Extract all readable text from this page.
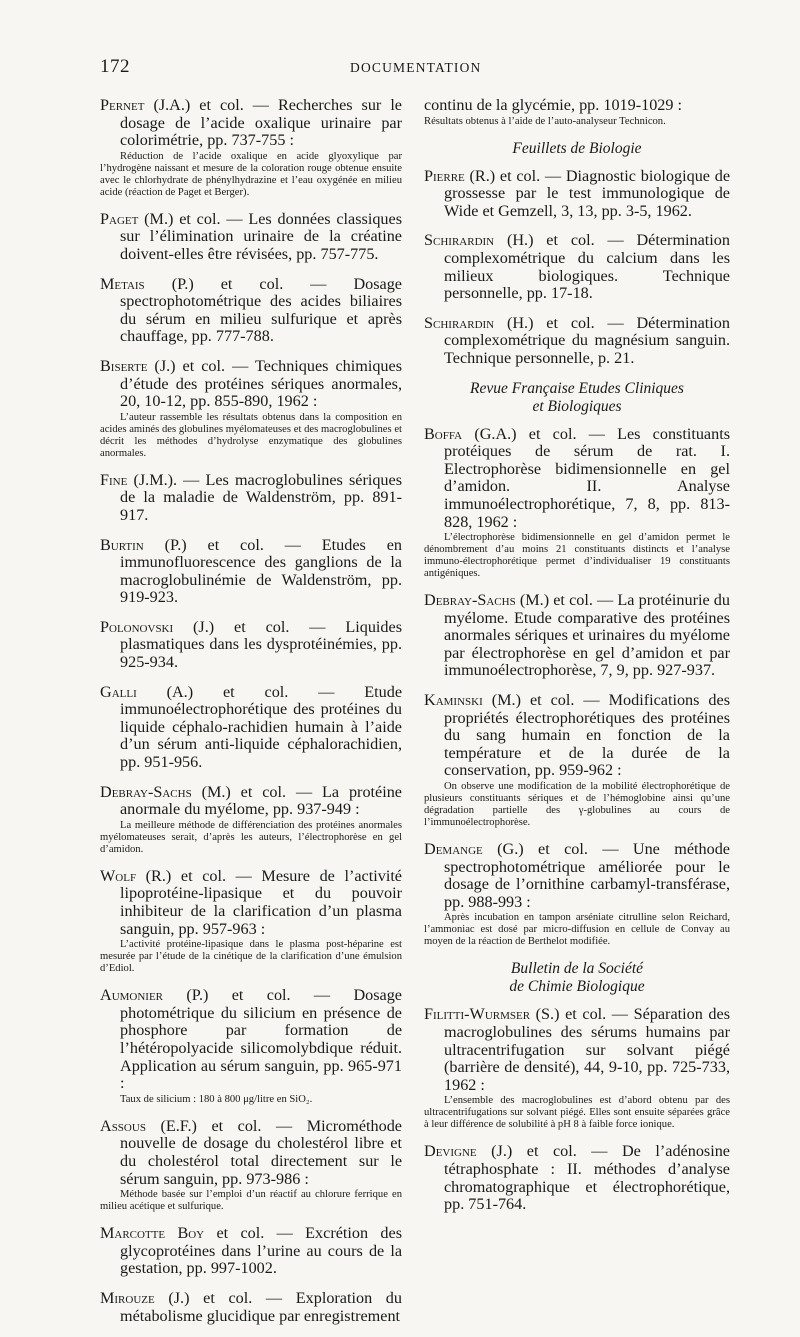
172	DOCUMENTATION
Pernet (J.A.) et col. — Recherches sur le dosage de l’acide oxalique urinaire par colorimétrie, pp. 737-755 :
Réduction de l’acide oxalique en acide glyoxylique par l’hydrogène naissant et mesure de la coloration rouge obtenue ensuite avec le chlorhydrate de phénylhydrazine et l’eau oxygénée en milieu acide (réaction de Paget et Berger).
Paget (M.) et col. — Les données classiques sur l’élimination urinaire de la créatine doivent-elles être révisées, pp. 757-775.
Metais (P.) et col. — Dosage spectrophotométrique des acides biliaires du sérum en milieu sulfurique et après chauffage, pp. 777-788.
Biserte (J.) et col. — Techniques chimiques d’étude des protéines sériques anormales, 20, 10-12, pp. 855-890, 1962 :
L’auteur rassemble les résultats obtenus dans la composition en acides aminés des globulines myélomateuses et des macroglobulines et décrit les méthodes d’hydrolyse enzymatique des globulines anormales.
Fine (J.M.). — Les macroglobulines sériques de la maladie de Waldenström, pp. 891-917.
Burtin (P.) et col. — Etudes en immunofluorescence des ganglions de la macroglobulinémie de Waldenström, pp. 919-923.
Polonovski (J.) et col. — Liquides plasmatiques dans les dysprotéinémies, pp. 925-934.
Galli (A.) et col. — Etude immunoélectrophorétique des protéines du liquide céphalo-rachidien humain à l’aide d’un sérum anti-liquide céphalorachidien, pp. 951-956.
Debray-Sachs (M.) et col. — La protéine anormale du myélome, pp. 937-949 :
La meilleure méthode de différenciation des protéines anormales myélomateuses serait, d’après les auteurs, l’électrophorèse en gel d’amidon.
Wolf (R.) et col. — Mesure de l’activité lipoprotéine-lipasique et du pouvoir inhibiteur de la clarification d’un plasma sanguin, pp. 957-963 :
L’activité protéine-lipasique dans le plasma post-héparine est mesurée par l’étude de la cinétique de la clarification d’une émulsion d’Ediol.
Aumonier (P.) et col. — Dosage photométrique du silicium en présence de phosphore par formation de l’hétéropolyacide silicomolybdique réduit. Application au sérum sanguin, pp. 965-971 :
Taux de silicium : 180 à 800 μg/litre en SiO₂.
Assous (E.F.) et col. — Microméthode nouvelle de dosage du cholestérol libre et du cholestérol total directement sur le sérum sanguin, pp. 973-986 :
Méthode basée sur l’emploi d’un réactif au chlorure ferrique en milieu acétique et sulfurique.
Marcotte Boy et col. — Excrétion des glycoprotéines dans l’urine au cours de la gestation, pp. 997-1002.
Mirouze (J.) et col. — Exploration du métabolisme glucidique par enregistrement
continu de la glycémie, pp. 1019-1029 :
Résultats obtenus à l’aide de l’auto-analyseur Technicon.
Feuillets de Biologie
Pierre (R.) et col. — Diagnostic biologique de grossesse par le test immunologique de Wide et Gemzell, 3, 13, pp. 3-5, 1962.
Schirardin (H.) et col. — Détermination complexométrique du calcium dans les milieux biologiques. Technique personnelle, pp. 17-18.
Schirardin (H.) et col. — Détermination complexométrique du magnésium sanguin. Technique personnelle, p. 21.
Revue Française Etudes Cliniques
et Biologiques
Boffa (G.A.) et col. — Les constituants protéiques de sérum de rat. I. Electrophorèse bidimensionnelle en gel d’amidon. II. Analyse immunoélectrophorétique, 7, 8, pp. 813-828, 1962 :
L’électrophorèse bidimensionnelle en gel d’amidon permet le dénombrement d’au moins 21 constituants distincts et l’analyse immuno-électrophorétique permet d’individualiser 19 constituants antigéniques.
Debray-Sachs (M.) et col. — La protéinurie du myélome. Etude comparative des protéines anormales sériques et urinaires du myélome par électrophorèse en gel d’amidon et par immunoélectrophorèse, 7, 9, pp. 927-937.
Kaminski (M.) et col. — Modifications des propriétés électrophorétiques des protéines du sang humain en fonction de la température et de la durée de la conservation, pp. 959-962 :
On observe une modification de la mobilité électrophorétique de plusieurs constituants sériques et de l’hémoglobine ainsi qu’une dégradation partielle des γ-globulines au cours de l’immunoélectrophorèse.
Demange (G.) et col. — Une méthode spectrophotométrique améliorée pour le dosage de l’ornithine carbamyl-transférase, pp. 988-993 :
Après incubation en tampon arséniate citrulline selon Reichard, l’ammoniac est dosé par micro-diffusion en cellule de Convay au moyen de la réaction de Berthelot modifiée.
Bulletin de la Société
de Chimie Biologique
Filitti-Wurmser (S.) et col. — Séparation des macroglobulines des sérums humains par ultracentrifugation sur solvant piégé (barrière de densité), 44, 9-10, pp. 725-733, 1962 :
L’ensemble des macroglobulines est d’abord obtenu par des ultracentrifugations sur solvant piégé. Elles sont ensuite séparées grâce à leur différence de solubilité à pH 8 à faible force ionique.
Devigne (J.) et col. — De l’adénosine tétraphosphate : II. méthodes d’analyse chromatographique et électrophorétique, pp. 751-764.
